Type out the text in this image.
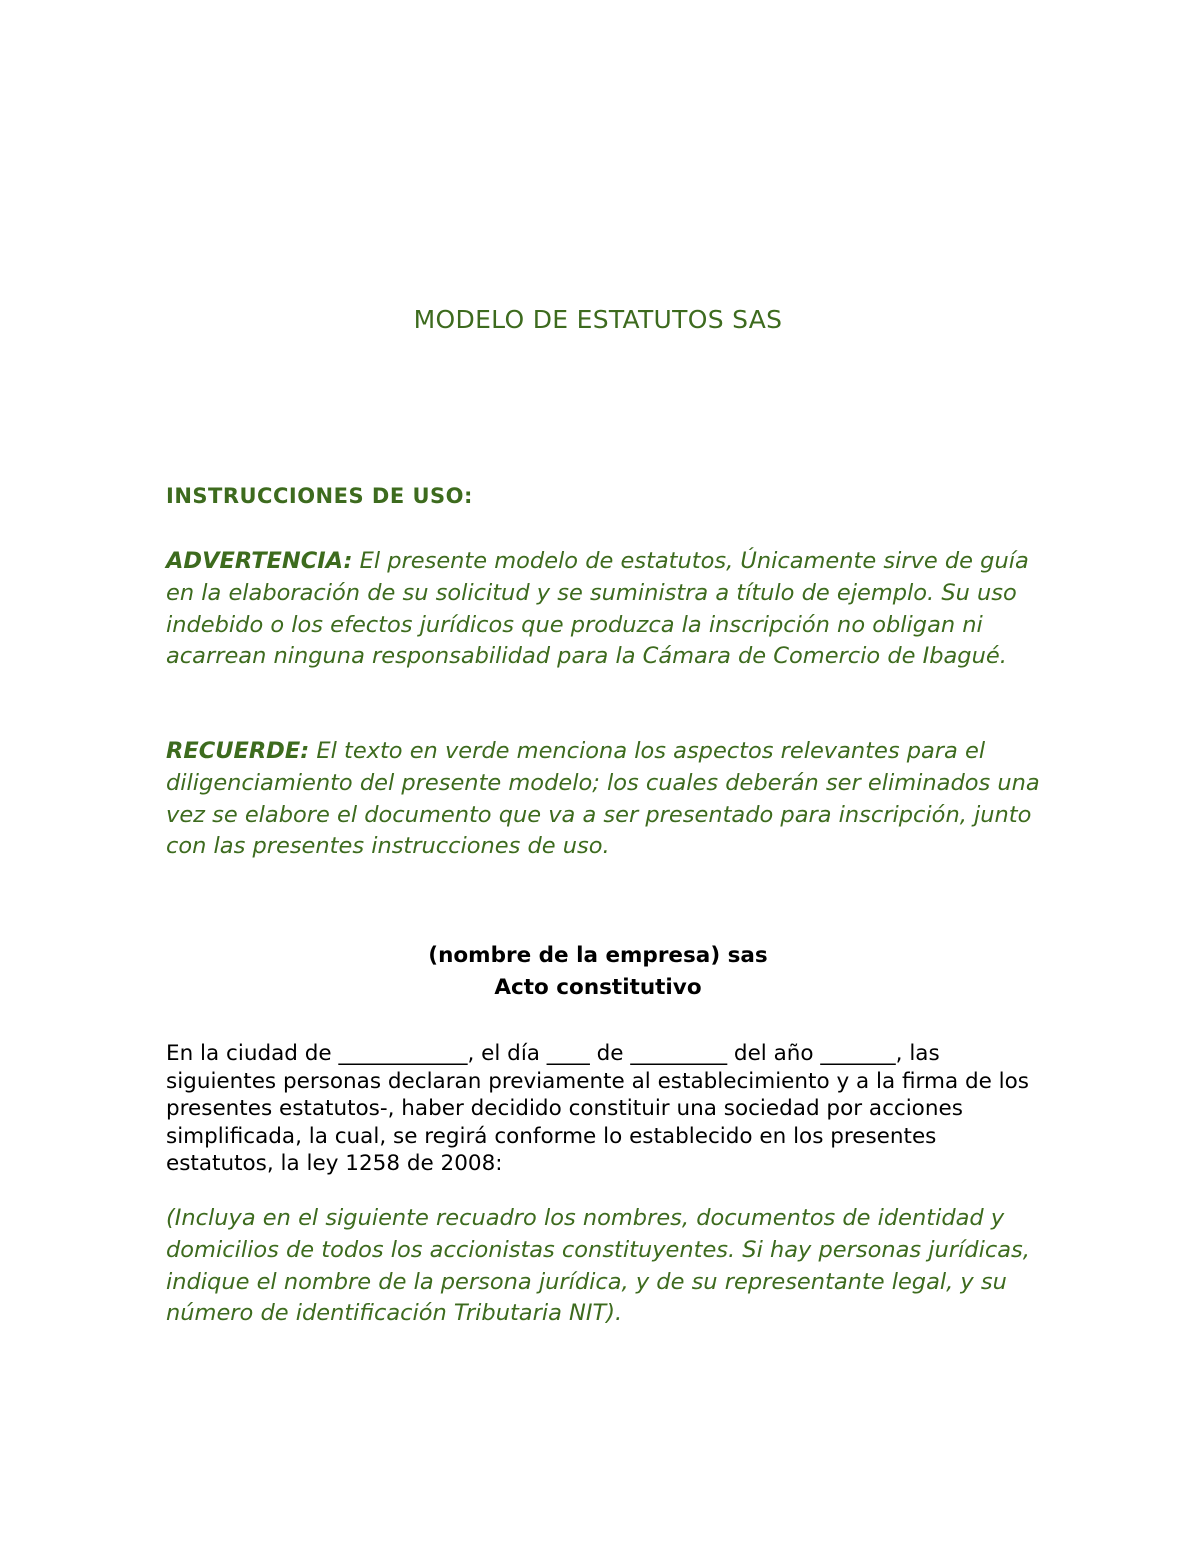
MODELO DE ESTATUTOS SAS
INSTRUCCIONES DE USO:

ADVERTENCIA: El presente modelo de estatutos, Únicamente sirve de guía en la elaboración de su solicitud y se suministra a título de ejemplo. Su uso indebido o los efectos jurídicos que produzca la inscripción no obligan ni acarrean ninguna responsabilidad para la Cámara de Comercio de Ibagué.

RECUERDE: El texto en verde menciona los aspectos relevantes para el diligenciamiento del presente modelo; los cuales deberán ser eliminados una vez se elabore el documento que va a ser presentado para inscripción, junto con las presentes instrucciones de uso.

(nombre de la empresa) sas
Acto constitutivo

En la ciudad de ____________, el día ____ de _________ del año _______, las siguientes personas declaran previamente al establecimiento y a la firma de los presentes estatutos-, haber decidido constituir una sociedad por acciones simplificada, la cual, se regirá conforme lo establecido en los presentes estatutos, la ley 1258 de 2008:

(Incluya en el siguiente recuadro los nombres, documentos de identidad y domicilios de todos los accionistas constituyentes. Si hay personas jurídicas, indique el nombre de la persona jurídica, y de su representante legal, y su número de identificación Tributaria NIT).
